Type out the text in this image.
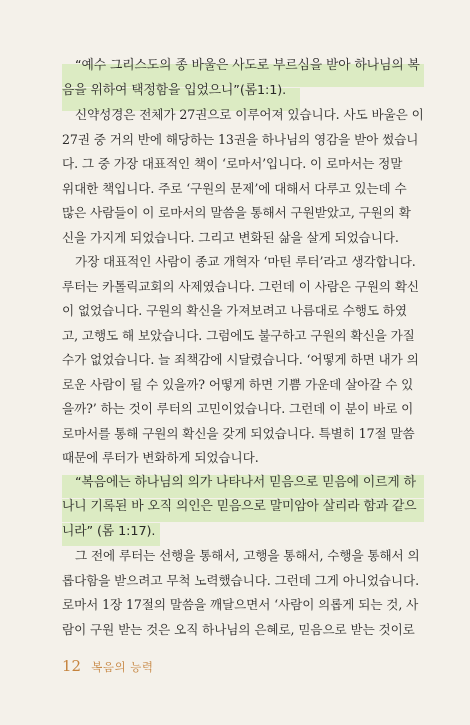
“예수 그리스도의 종 바울은 사도로 부르심을 받아 하나님의 복
음을 위하여 택정함을 입었으니”(롬1:1).
신약성경은 전체가 27권으로 이루어져 있습니다. 사도 바울은 이
27권 중 거의 반에 해당하는 13권을 하나님의 영감을 받아 썼습니
다. 그 중 가장 대표적인 책이 ‘로마서’입니다. 이 로마서는 정말
위대한 책입니다. 주로 ‘구원의 문제’에 대해서 다루고 있는데 수
많은 사람들이 이 로마서의 말씀을 통해서 구원받았고, 구원의 확
신을 가지게 되었습니다. 그리고 변화된 삶을 살게 되었습니다.
가장 대표적인 사람이 종교 개혁자 ‘마틴 루터’라고 생각합니다.
루터는 카톨릭교회의 사제였습니다. 그런데 이 사람은 구원의 확신
이 없었습니다. 구원의 확신을 가져보려고 나름대로 수행도 하였
고, 고행도 해 보았습니다. 그럼에도 불구하고 구원의 확신을 가질
수가 없었습니다. 늘 죄책감에 시달렸습니다. ‘어떻게 하면 내가 의
로운 사람이 될 수 있을까? 어떻게 하면 기쁨 가운데 살아갈 수 있
을까?’ 하는 것이 루터의 고민이었습니다. 그런데 이 분이 바로 이
로마서를 통해 구원의 확신을 갖게 되었습니다. 특별히 17절 말씀
때문에 루터가 변화하게 되었습니다.
“복음에는 하나님의 의가 나타나서 믿음으로 믿음에 이르게 하
나니 기록된 바 오직 의인은 믿음으로 말미암아 살리라 함과 같으
니라” (롬 1:17).
그 전에 루터는 선행을 통해서, 고행을 통해서, 수행을 통해서 의
롭다함을 받으려고 무척 노력했습니다. 그런데 그게 아니었습니다.
로마서 1장 17절의 말씀을 깨달으면서 ‘사람이 의롭게 되는 것, 사
람이 구원 받는 것은 오직 하나님의 은혜로, 믿음으로 받는 것이로
12 복음의 능력
